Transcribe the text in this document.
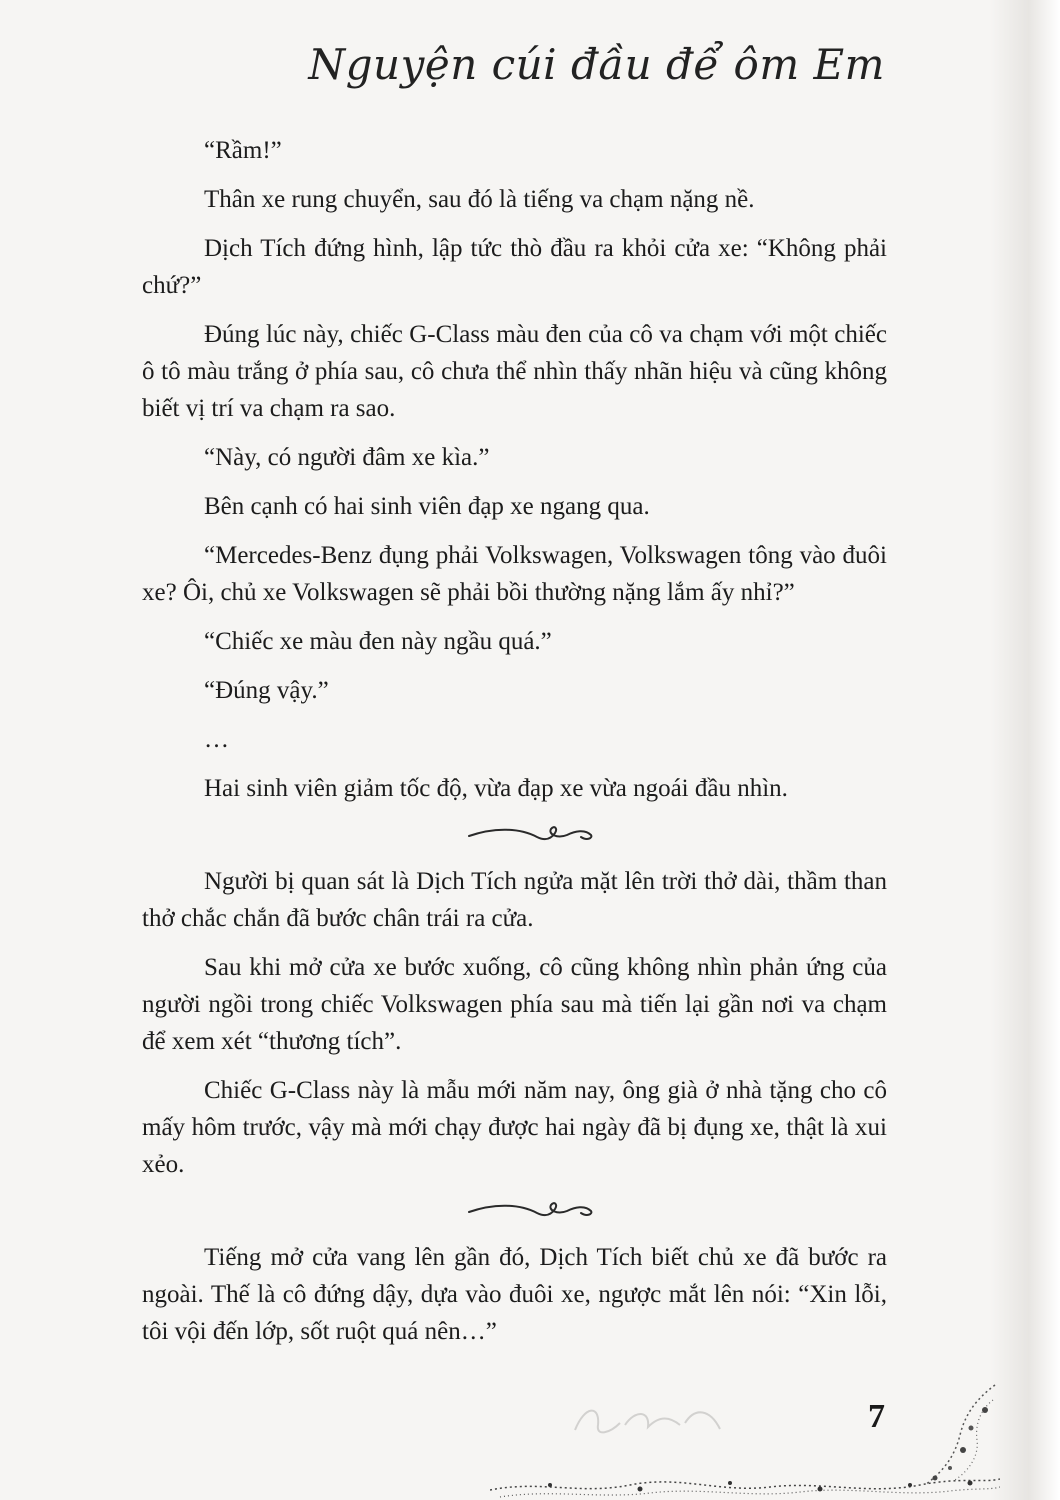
Nguyện cúi đầu để ôm Em

“Rầm!”

Thân xe rung chuyển, sau đó là tiếng va chạm nặng nề.

Dịch Tích đứng hình, lập tức thò đầu ra khỏi cửa xe: “Không phải chứ?”

Đúng lúc này, chiếc G-Class màu đen của cô va chạm với một chiếc ô tô màu trắng ở phía sau, cô chưa thể nhìn thấy nhãn hiệu và cũng không biết vị trí va chạm ra sao.

“Này, có người đâm xe kìa.”

Bên cạnh có hai sinh viên đạp xe ngang qua.

“Mercedes-Benz đụng phải Volkswagen, Volkswagen tông vào đuôi xe? Ôi, chủ xe Volkswagen sẽ phải bồi thường nặng lắm ấy nhỉ?”

“Chiếc xe màu đen này ngầu quá.”

“Đúng vậy.”

…

Hai sinh viên giảm tốc độ, vừa đạp xe vừa ngoái đầu nhìn.

Người bị quan sát là Dịch Tích ngửa mặt lên trời thở dài, thầm than thở chắc chắn đã bước chân trái ra cửa.

Sau khi mở cửa xe bước xuống, cô cũng không nhìn phản ứng của người ngồi trong chiếc Volkswagen phía sau mà tiến lại gần nơi va chạm để xem xét “thương tích”.

Chiếc G-Class này là mẫu mới năm nay, ông già ở nhà tặng cho cô mấy hôm trước, vậy mà mới chạy được hai ngày đã bị đụng xe, thật là xui xẻo.

Tiếng mở cửa vang lên gần đó, Dịch Tích biết chủ xe đã bước ra ngoài. Thế là cô đứng dậy, dựa vào đuôi xe, ngược mắt lên nói: “Xin lỗi, tôi vội đến lớp, sốt ruột quá nên…”

7
